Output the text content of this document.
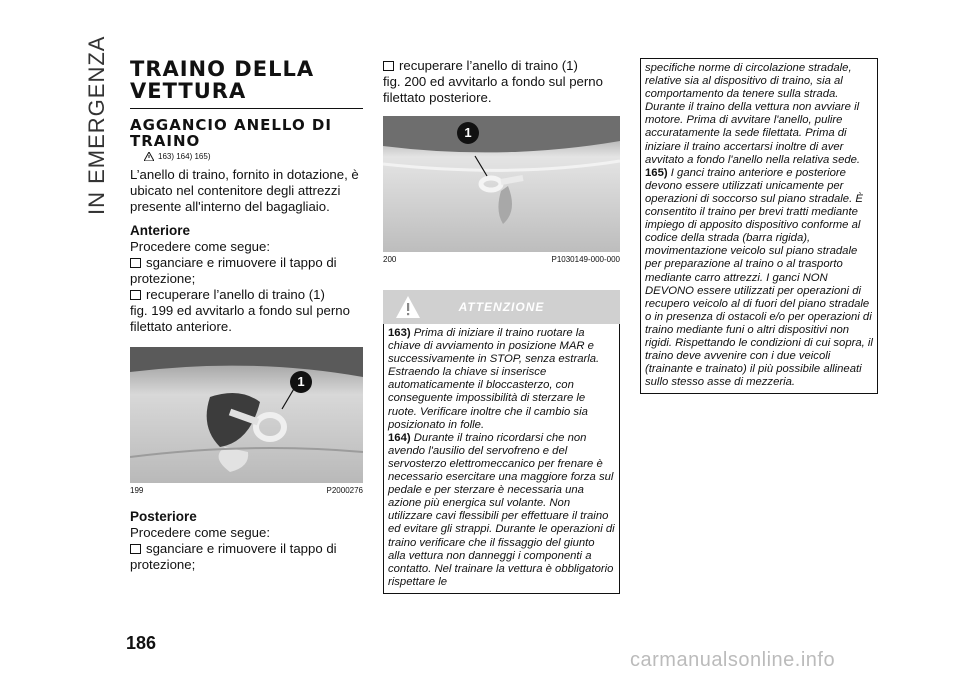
IN EMERGENZA TRAINO DELLA VETTURA
AGGANCIO ANELLO DI TRAINO
163) 164) 165)

L’anello di traino, fornito in dotazione, è ubicato nel contenitore degli attrezzi presente all'interno del bagagliaio.

Anteriore

Procedere come segue:

sganciare e rimuovere il tappo di protezione;

recuperare l’anello di traino (1)

fig. 199 ed avvitarlo a fondo sul perno filettato anteriore.

1
199	P2000276

Posteriore

Procedere come segue:

sganciare e rimuovere il tappo di protezione;

recuperare l’anello di traino (1)

fig. 200 ed avvitarlo a fondo sul perno filettato posteriore.

1
200	P1030149-000-000
ATTENZIONE
163) Prima di iniziare il traino ruotare la chiave di avviamento in posizione MAR e successivamente in STOP, senza estrarla. Estraendo la chiave si inserisce automaticamente il bloccasterzo, con conseguente impossibilità di sterzare le ruote. Verificare inoltre che il cambio sia posizionato in folle.
164) Durante il traino ricordarsi che non avendo l'ausilio del servofreno e del servosterzo elettromeccanico per frenare è necessario esercitare una maggiore forza sul pedale e per sterzare è necessaria una azione più energica sul volante. Non utilizzare cavi flessibili per effettuare il traino ed evitare gli strappi. Durante le operazioni di traino verificare che il fissaggio del giunto alla vettura non danneggi i componenti a contatto. Nel trainare la vettura è obbligatorio rispettare le
specifiche norme di circolazione stradale, relative sia al dispositivo di traino, sia al comportamento da tenere sulla strada. Durante il traino della vettura non avviare il motore. Prima di avvitare l'anello, pulire accuratamente la sede filettata. Prima di iniziare il traino accertarsi inoltre di aver avvitato a fondo l'anello nella relativa sede.
165) I ganci traino anteriore e posteriore devono essere utilizzati unicamente per operazioni di soccorso sul piano stradale. È consentito il traino per brevi tratti mediante impiego di apposito dispositivo conforme al codice della strada (barra rigida), movimentazione veicolo sul piano stradale per preparazione al traino o al trasporto mediante carro attrezzi. I ganci NON DEVONO essere utilizzati per operazioni di recupero veicolo al di fuori del piano stradale o in presenza di ostacoli e/o per operazioni di traino mediante funi o altri dispositivi non rigidi. Rispettando le condizioni di cui sopra, il traino deve avvenire con i due veicoli (trainante e trainato) il più possibile allineati sullo stesso asse di mezzeria.
186
carmanualsonline.info
